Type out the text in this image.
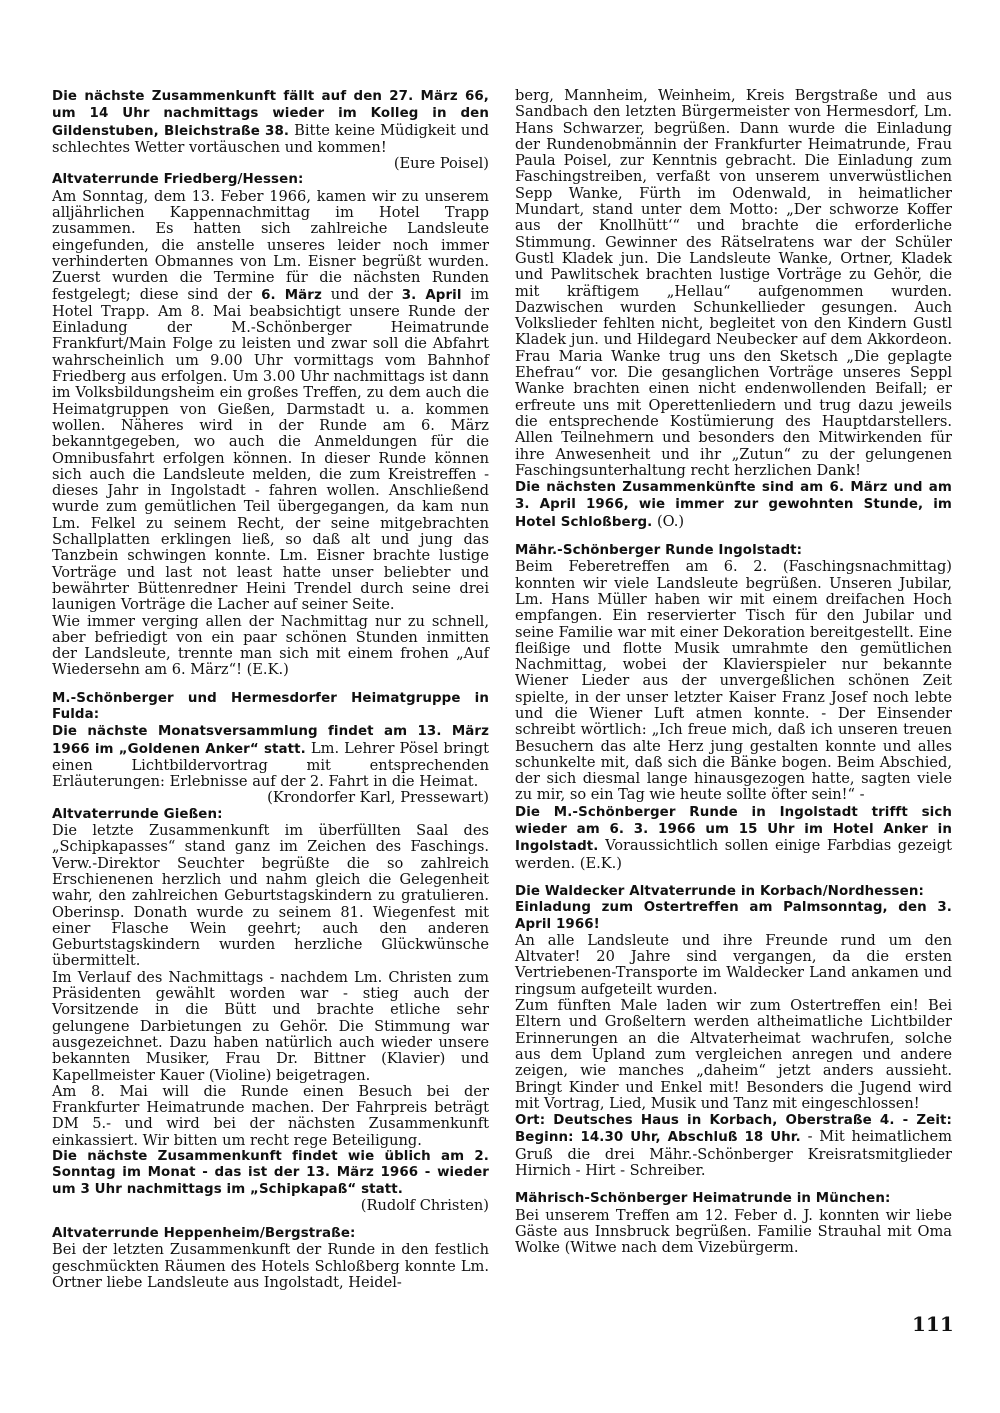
Die nächste Zusammenkunft fällt auf den 27. März 66, um 14 Uhr nachmittags wieder im Kolleg in den Gildenstuben, Bleichstraße 38. Bitte keine Müdigkeit und schlechtes Wetter vortäuschen und kommen!

(Eure Poisel)

Altvaterrunde Friedberg/Hessen:

Am Sonntag, dem 13. Feber 1966, kamen wir zu unserem alljährlichen Kappennachmittag im Hotel Trapp zusammen. Es hatten sich zahlreiche Landsleute eingefunden, die anstelle unseres leider noch immer verhinderten Obmannes von Lm. Eisner begrüßt wurden. Zuerst wurden die Termine für die nächsten Runden festgelegt; diese sind der 6. März und der 3. April im Hotel Trapp. Am 8. Mai beabsichtigt unsere Runde der Einladung der M.-Schönberger Heimatrunde Frankfurt/Main Folge zu leisten und zwar soll die Abfahrt wahrscheinlich um 9.00 Uhr vormittags vom Bahnhof Friedberg aus erfolgen. Um 3.00 Uhr nachmittags ist dann im Volksbildungsheim ein großes Treffen, zu dem auch die Heimatgruppen von Gießen, Darmstadt u. a. kommen wollen. Näheres wird in der Runde am 6. März bekanntgegeben, wo auch die Anmeldungen für die Omnibusfahrt erfolgen können. In dieser Runde können sich auch die Landsleute melden, die zum Kreistreffen - dieses Jahr in Ingolstadt - fahren wollen. Anschließend wurde zum gemütlichen Teil übergegangen, da kam nun Lm. Felkel zu seinem Recht, der seine mitgebrachten Schallplatten erklingen ließ, so daß alt und jung das Tanzbein schwingen konnte. Lm. Eisner brachte lustige Vorträge und last not least hatte unser beliebter und bewährter Büttenredner Heini Trendel durch seine drei launigen Vorträge die Lacher auf seiner Seite.

Wie immer verging allen der Nachmittag nur zu schnell, aber befriedigt von ein paar schönen Stunden inmitten der Landsleute, trennte man sich mit einem frohen „Auf Wiedersehn am 6. März“! (E.K.)

M.-Schönberger und Hermesdorfer Heimatgruppe in Fulda:

Die nächste Monatsversammlung findet am 13. März 1966 im „Goldenen Anker“ statt. Lm. Lehrer Pösel bringt einen Lichtbildervortrag mit entsprechenden Erläuterungen: Erlebnisse auf der 2. Fahrt in die Heimat.

(Krondorfer Karl, Pressewart)

Altvaterrunde Gießen:

Die letzte Zusammenkunft im überfüllten Saal des „Schipkapasses“ stand ganz im Zeichen des Faschings. Verw.-Direktor Seuchter begrüßte die so zahlreich Erschienenen herzlich und nahm gleich die Gelegenheit wahr, den zahlreichen Geburtstagskindern zu gratulieren. Oberinsp. Donath wurde zu seinem 81. Wiegenfest mit einer Flasche Wein geehrt; auch den anderen Geburtstagskindern wurden herzliche Glückwünsche übermittelt.

Im Verlauf des Nachmittags - nachdem Lm. Christen zum Präsidenten gewählt worden war - stieg auch der Vorsitzende in die Bütt und brachte etliche sehr gelungene Darbietungen zu Gehör. Die Stimmung war ausgezeichnet. Dazu haben natürlich auch wieder unsere bekannten Musiker, Frau Dr. Bittner (Klavier) und Kapellmeister Kauer (Violine) beigetragen.

Am 8. Mai will die Runde einen Besuch bei der Frankfurter Heimatrunde machen. Der Fahrpreis beträgt DM 5.- und wird bei der nächsten Zusammenkunft einkassiert. Wir bitten um recht rege Beteiligung.

Die nächste Zusammenkunft findet wie üblich am 2. Sonntag im Monat - das ist der 13. März 1966 - wieder um 3 Uhr nachmittags im „Schipkapaß“ statt.

(Rudolf Christen)

Altvaterrunde Heppenheim/Bergstraße:

Bei der letzten Zusammenkunft der Runde in den festlich geschmückten Räumen des Hotels Schloßberg konnte Lm. Ortner liebe Landsleute aus Ingolstadt, Heidel-

berg, Mannheim, Weinheim, Kreis Bergstraße und aus Sandbach den letzten Bürgermeister von Hermesdorf, Lm. Hans Schwarzer, begrüßen. Dann wurde die Einladung der Rundenobmännin der Frankfurter Heimatrunde, Frau Paula Poisel, zur Kenntnis gebracht. Die Einladung zum Faschingstreiben, verfaßt von unserem unverwüstlichen Sepp Wanke, Fürth im Odenwald, in heimatlicher Mundart, stand unter dem Motto: „Der schworze Koffer aus der Knollhütt‘“ und brachte die erforderliche Stimmung. Gewinner des Rätselratens war der Schüler Gustl Kladek jun. Die Landsleute Wanke, Ortner, Kladek und Pawlitschek brachten lustige Vorträge zu Gehör, die mit kräftigem „Hellau“ aufgenommen wurden. Dazwischen wurden Schunkellieder gesungen. Auch Volkslieder fehlten nicht, begleitet von den Kindern Gustl Kladek jun. und Hildegard Neubecker auf dem Akkordeon. Frau Maria Wanke trug uns den Sketsch „Die geplagte Ehefrau“ vor. Die gesanglichen Vorträge unseres Seppl Wanke brachten einen nicht endenwollenden Beifall; er erfreute uns mit Operettenliedern und trug dazu jeweils die entsprechende Kostümierung des Hauptdarstellers. Allen Teilnehmern und besonders den Mitwirkenden für ihre Anwesenheit und ihr „Zutun“ zu der gelungenen Faschingsunterhaltung recht herzlichen Dank!

Die nächsten Zusammenkünfte sind am 6. März und am 3. April 1966, wie immer zur gewohnten Stunde, im Hotel Schloßberg. (O.)

Mähr.-Schönberger Runde Ingolstadt:

Beim Feberetreffen am 6. 2. (Faschingsnachmittag) konnten wir viele Landsleute begrüßen. Unseren Jubilar, Lm. Hans Müller haben wir mit einem dreifachen Hoch empfangen. Ein reservierter Tisch für den Jubilar und seine Familie war mit einer Dekoration bereitgestellt. Eine fleißige und flotte Musik umrahmte den gemütlichen Nachmittag, wobei der Klavierspieler nur bekannte Wiener Lieder aus der unvergeßlichen schönen Zeit spielte, in der unser letzter Kaiser Franz Josef noch lebte und die Wiener Luft atmen konnte. - Der Einsender schreibt wörtlich: „Ich freue mich, daß ich unseren treuen Besuchern das alte Herz jung gestalten konnte und alles schunkelte mit, daß sich die Bänke bogen. Beim Abschied, der sich diesmal lange hinausgezogen hatte, sagten viele zu mir, so ein Tag wie heute sollte öfter sein!“ -

Die M.-Schönberger Runde in Ingolstadt trifft sich wieder am 6. 3. 1966 um 15 Uhr im Hotel Anker in Ingolstadt. Voraussichtlich sollen einige Farbdias gezeigt werden. (E.K.)

Die Waldecker Altvaterrunde in Korbach/Nordhessen:

Einladung zum Ostertreffen am Palmsonntag, den 3. April 1966!

An alle Landsleute und ihre Freunde rund um den Altvater! 20 Jahre sind vergangen, da die ersten Vertriebenen-Transporte im Waldecker Land ankamen und ringsum aufgeteilt wurden.

Zum fünften Male laden wir zum Ostertreffen ein! Bei Eltern und Großeltern werden altheimatliche Lichtbilder Erinnerungen an die Altvaterheimat wachrufen, solche aus dem Upland zum vergleichen anregen und andere zeigen, wie manches „daheim“ jetzt anders aussieht. Bringt Kinder und Enkel mit! Besonders die Jugend wird mit Vortrag, Lied, Musik und Tanz mit eingeschlossen!

Ort: Deutsches Haus in Korbach, Oberstraße 4. - Zeit: Beginn: 14.30 Uhr, Abschluß 18 Uhr. - Mit heimatlichem Gruß die drei Mähr.-Schönberger Kreisratsmitglieder Hirnich - Hirt - Schreiber.

Mährisch-Schönberger Heimatrunde in München:

Bei unserem Treffen am 12. Feber d. J. konnten wir liebe Gäste aus Innsbruck begrüßen. Familie Strauhal mit Oma Wolke (Witwe nach dem Vizebürgerm.

111
